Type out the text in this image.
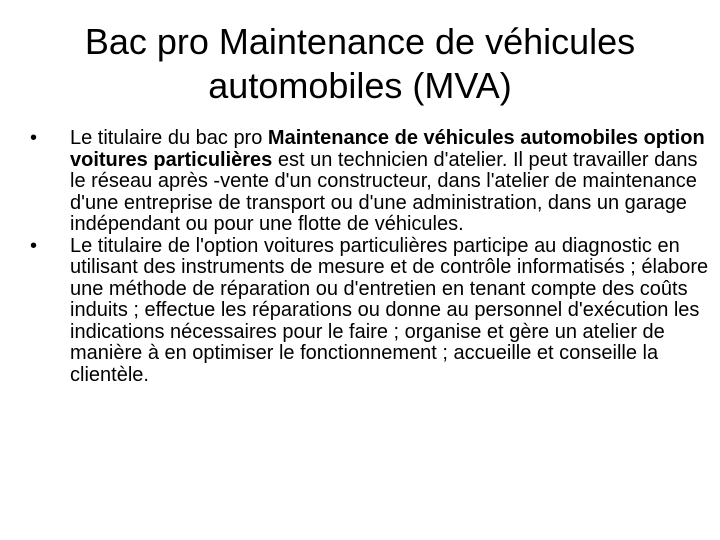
Bac pro Maintenance de véhicules
automobiles (MVA)
•	Le titulaire du bac pro Maintenance de véhicules automobiles option voitures particulières est un technicien d'atelier. Il peut travailler dans le réseau après -vente d'un constructeur, dans l'atelier de maintenance d'une entreprise de transport ou d'une administration, dans un garage indépendant ou pour une flotte de véhicules.
•	Le titulaire de l'option voitures particulières participe au diagnostic en utilisant des instruments de mesure et de contrôle informatisés ; élabore une méthode de réparation ou d'entretien en tenant compte des coûts induits ; effectue les réparations ou donne au personnel d'exécution les indications nécessaires pour le faire ; organise et gère un atelier de manière à en optimiser le fonctionnement ; accueille et conseille la clientèle.
